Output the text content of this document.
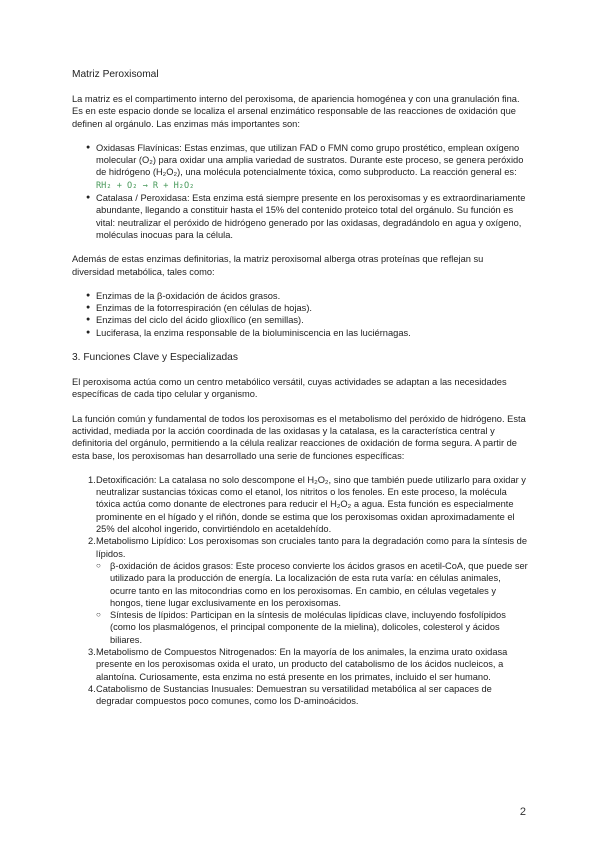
Matriz Peroxisomal

La matriz es el compartimento interno del peroxisoma, de apariencia homogénea y con una granulación fina. Es en este espacio donde se localiza el arsenal enzimático responsable de las reacciones de oxidación que definen al orgánulo. Las enzimas más importantes son:

● Oxidasas Flavínicas: Estas enzimas, que utilizan FAD o FMN como grupo prostético, emplean oxígeno molecular (O₂) para oxidar una amplia variedad de sustratos. Durante este proceso, se genera peróxido de hidrógeno (H₂O₂), una molécula potencialmente tóxica, como subproducto. La reacción general es: RH₂ + O₂ → R + H₂O₂
● Catalasa / Peroxidasa: Esta enzima está siempre presente en los peroxisomas y es extraordinariamente abundante, llegando a constituir hasta el 15% del contenido proteico total del orgánulo. Su función es vital: neutralizar el peróxido de hidrógeno generado por las oxidasas, degradándolo en agua y oxígeno, moléculas inocuas para la célula.

Además de estas enzimas definitorias, la matriz peroxisomal alberga otras proteínas que reflejan su diversidad metabólica, tales como:

● Enzimas de la β-oxidación de ácidos grasos.
● Enzimas de la fotorrespiración (en células de hojas).
● Enzimas del ciclo del ácido glioxílico (en semillas).
● Luciferasa, la enzima responsable de la bioluminiscencia en las luciérnagas.
3. Funciones Clave y Especializadas

El peroxisoma actúa como un centro metabólico versátil, cuyas actividades se adaptan a las necesidades específicas de cada tipo celular y organismo.

La función común y fundamental de todos los peroxisomas es el metabolismo del peróxido de hidrógeno. Esta actividad, mediada por la acción coordinada de las oxidasas y la catalasa, es la característica central y definitoria del orgánulo, permitiendo a la célula realizar reacciones de oxidación de forma segura. A partir de esta base, los peroxisomas han desarrollado una serie de funciones específicas:

1. Detoxificación: La catalasa no solo descompone el H₂O₂, sino que también puede utilizarlo para oxidar y neutralizar sustancias tóxicas como el etanol, los nitritos o los fenoles. En este proceso, la molécula tóxica actúa como donante de electrones para reducir el H₂O₂ a agua. Esta función es especialmente prominente en el hígado y el riñón, donde se estima que los peroxisomas oxidan aproximadamente el 25% del alcohol ingerido, convirtiéndolo en acetaldehído.
2. Metabolismo Lipídico: Los peroxisomas son cruciales tanto para la degradación como para la síntesis de lípidos.
○ β-oxidación de ácidos grasos: Este proceso convierte los ácidos grasos en acetil-CoA, que puede ser utilizado para la producción de energía. La localización de esta ruta varía: en células animales, ocurre tanto en las mitocondrias como en los peroxisomas. En cambio, en células vegetales y hongos, tiene lugar exclusivamente en los peroxisomas.
○ Síntesis de lípidos: Participan en la síntesis de moléculas lipídicas clave, incluyendo fosfolípidos (como los plasmalógenos, el principal componente de la mielina), dolicoles, colesterol y ácidos biliares.
3. Metabolismo de Compuestos Nitrogenados: En la mayoría de los animales, la enzima urato oxidasa presente en los peroxisomas oxida el urato, un producto del catabolismo de los ácidos nucleicos, a alantoína. Curiosamente, esta enzima no está presente en los primates, incluido el ser humano.
4. Catabolismo de Sustancias Inusuales: Demuestran su versatilidad metabólica al ser capaces de degradar compuestos poco comunes, como los D-aminoácidos.
2
